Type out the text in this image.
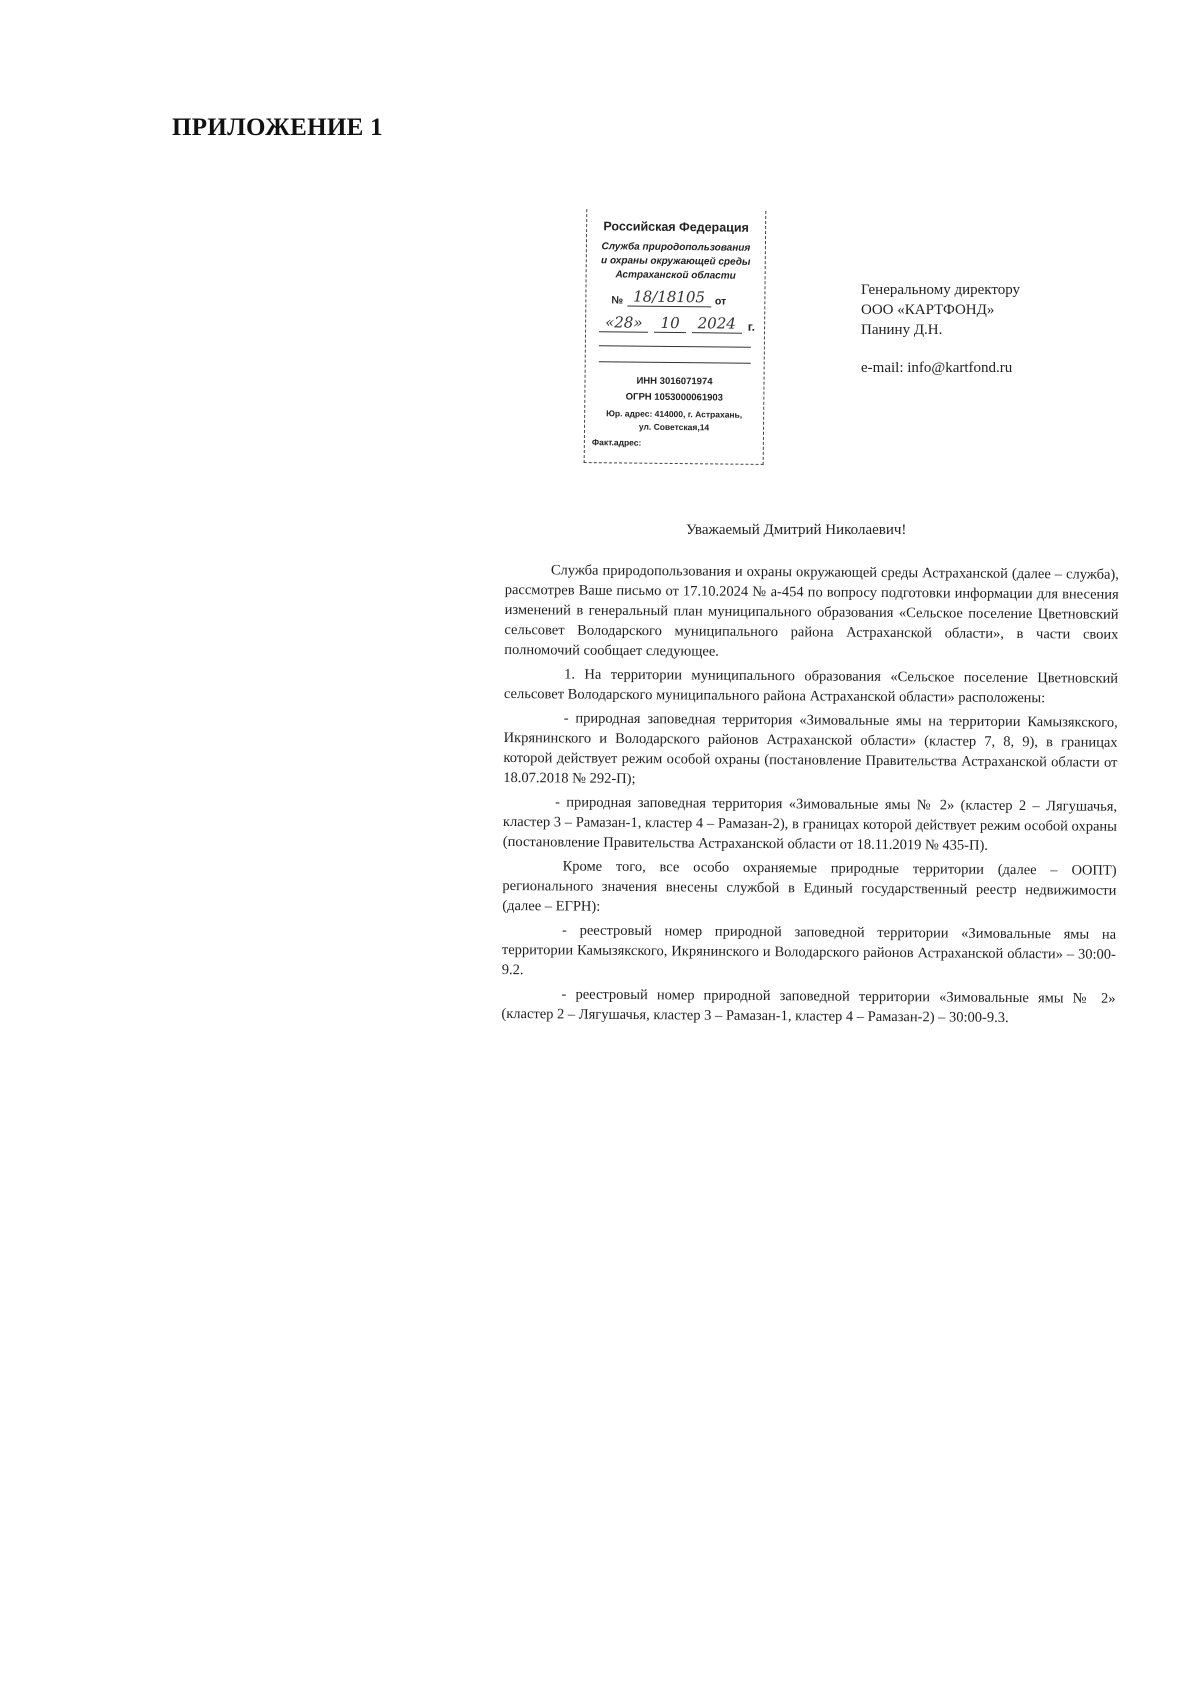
ПРИЛОЖЕНИЕ 1
Российская Федерация
Служба природопользования
и охраны окружающей среды
Астраханской области
№ 18/18105 от
«28»	10	2024 г.
ИНН 3016071974
ОГРН 1053000061903
Юр. адрес: 414000, г. Астрахань,
ул. Советская,14
Факт.адрес:
Генеральному директору
ООО «КАРТФОНД»
Панину Д.Н.
e-mail: info@kartfond.ru
Уважаемый Дмитрий Николаевич!

Служба природопользования и охраны окружающей среды Астраханской (далее – служба), рассмотрев Ваше письмо от 17.10.2024 № а-454 по вопросу подготовки информации для внесения изменений в генеральный план муниципального образования «Сельское поселение Цветновский сельсовет Володарского муниципального района Астраханской области», в части своих полномочий сообщает следующее.

1. На территории муниципального образования «Сельское поселение Цветновский сельсовет Володарского муниципального района Астраханской области» расположены:

- природная заповедная территория «Зимовальные ямы на территории Камызякского, Икрянинского и Володарского районов Астраханской области» (кластер 7, 8, 9), в границах которой действует режим особой охраны (постановление Правительства Астраханской области от 18.07.2018 № 292-П);

- природная заповедная территория «Зимовальные ямы № 2» (кластер 2 – Лягушачья, кластер 3 – Рамазан-1, кластер 4 – Рамазан-2), в границах которой действует режим особой охраны (постановление Правительства Астраханской области от 18.11.2019 № 435-П).

Кроме того, все особо охраняемые природные территории (далее – ООПТ) регионального значения внесены службой в Единый государственный реестр недвижимости (далее – ЕГРН):

- реестровый номер природной заповедной территории «Зимовальные ямы на территории Камызякского, Икрянинского и Володарского районов Астраханской области» – 30:00-9.2.

- реестровый номер природной заповедной территории «Зимовальные ямы № 2» (кластер 2 – Лягушачья, кластер 3 – Рамазан-1, кластер 4 – Рамазан-2) – 30:00-9.3.
